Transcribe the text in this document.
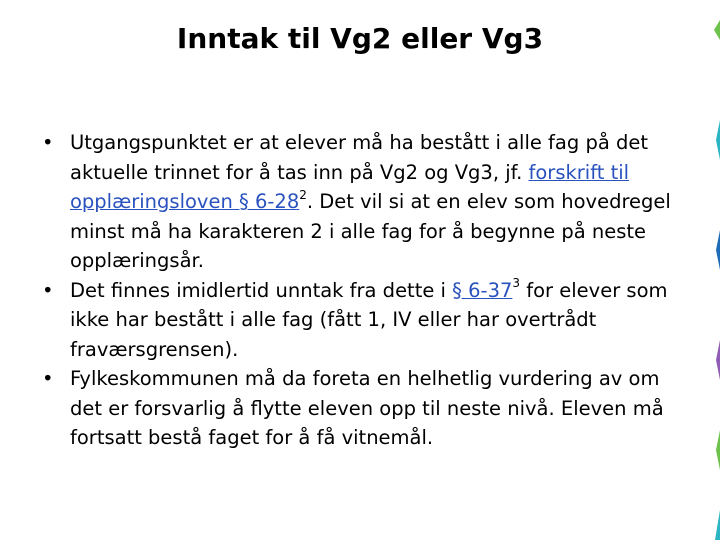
Inntak til Vg2 eller Vg3

• Utgangspunktet er at elever må ha bestått i alle fag på det aktuelle trinnet for å tas inn på Vg2 og Vg3, jf. forskrift til opplæringsloven § $6-28^2$. Det vil si at en elev som hovedregel minst må ha karakteren 2 i alle fag for å begynne på neste opplæringsår.

• Det finnes imidlertid unntak fra dette i § $6-37^3$ for elever som ikke har bestått i alle fag (fått 1, IV eller har overtrådt fraværsgrensen).

• Fylkeskommunen må da foreta en helhetlig vurdering av om det er forsvarlig å flytte eleven opp til neste nivå. Eleven må fortsatt bestå faget for å få vitnemål.
